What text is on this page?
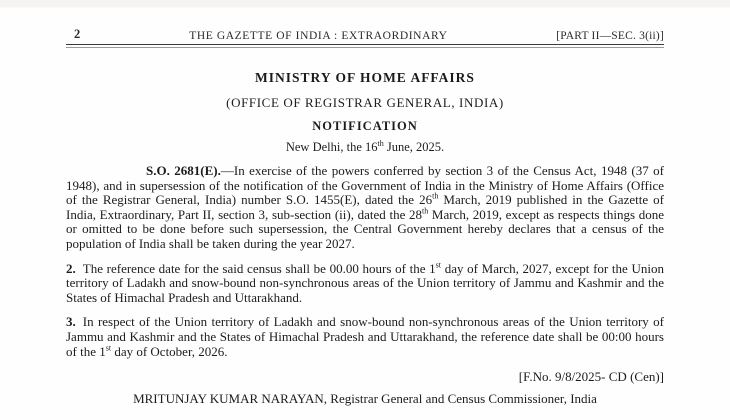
2	THE GAZETTE OF INDIA : EXTRAORDINARY	[PART II—SEC. 3(ii)]
MINISTRY OF HOME AFFAIRS
(OFFICE OF REGISTRAR GENERAL, INDIA)
NOTIFICATION
New Delhi, the 16th June, 2025.

S.O. 2681(E).—In exercise of the powers conferred by section 3 of the Census Act, 1948 (37 of 1948), and in supersession of the notification of the Government of India in the Ministry of Home Affairs (Office of the Registrar General, India) number S.O. 1455(E), dated the 26th March, 2019 published in the Gazette of India, Extraordinary, Part II, section 3, sub-section (ii), dated the 28th March, 2019, except as respects things done or omitted to be done before such supersession, the Central Government hereby declares that a census of the population of India shall be taken during the year 2027.

2. The reference date for the said census shall be 00.00 hours of the 1st day of March, 2027, except for the Union territory of Ladakh and snow-bound non-synchronous areas of the Union territory of Jammu and Kashmir and the States of Himachal Pradesh and Uttarakhand.

3. In respect of the Union territory of Ladakh and snow-bound non-synchronous areas of the Union territory of Jammu and Kashmir and the States of Himachal Pradesh and Uttarakhand, the reference date shall be 00:00 hours of the 1st day of October, 2026.

[F.No. 9/8/2025- CD (Cen)]
MRITUNJAY KUMAR NARAYAN, Registrar General and Census Commissioner, India
